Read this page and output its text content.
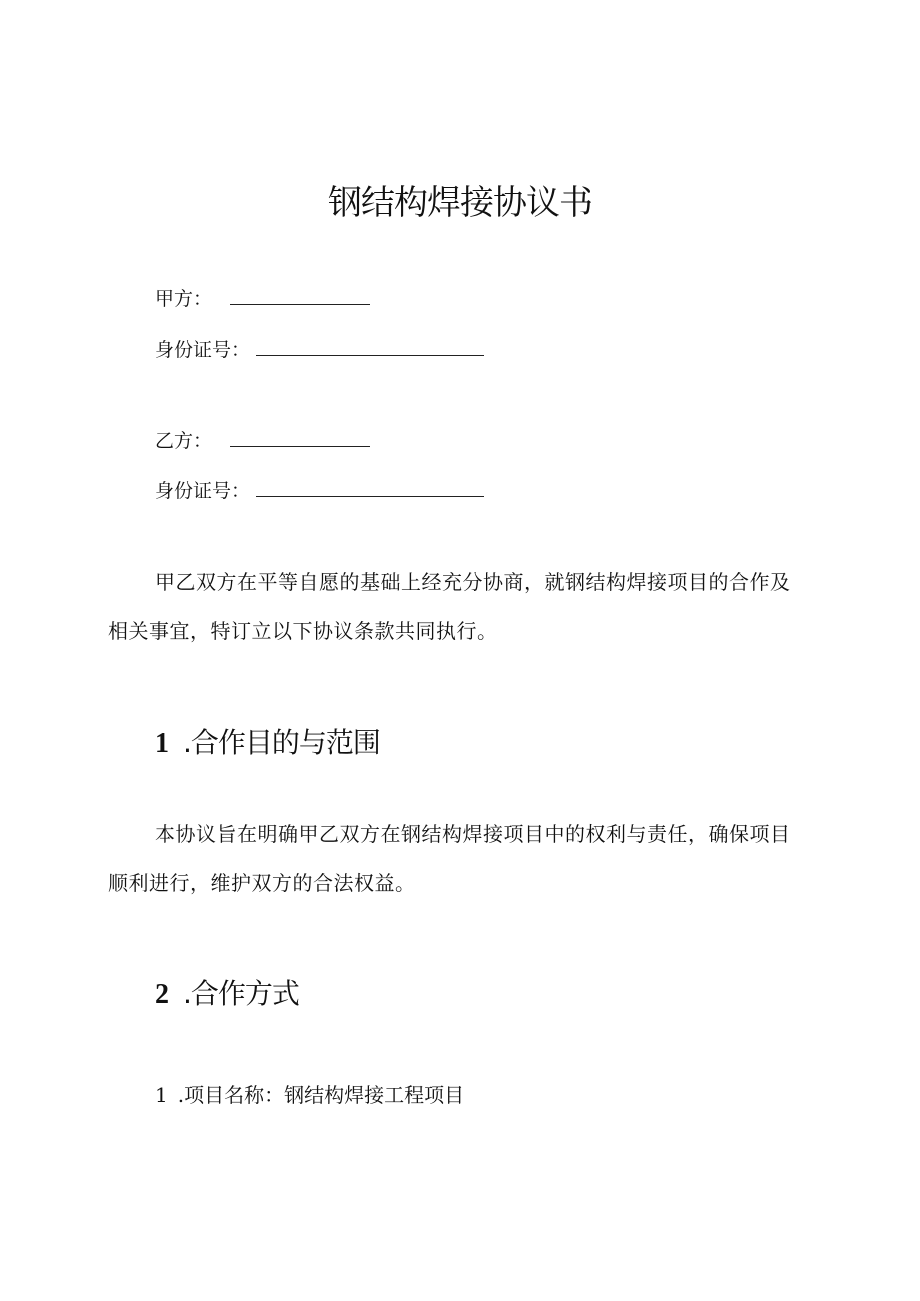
钢结构焊接协议书
甲方：
身份证号：
乙方：
身份证号：
甲乙双方在平等自愿的基础上经充分协商，就钢结构焊接项目的合作及相关事宜，特订立以下协议条款共同执行。
1 .合作目的与范围
本协议旨在明确甲乙双方在钢结构焊接项目中的权利与责任，确保项目顺利进行，维护双方的合法权益。
2 .合作方式
1 .项目名称：钢结构焊接工程项目
